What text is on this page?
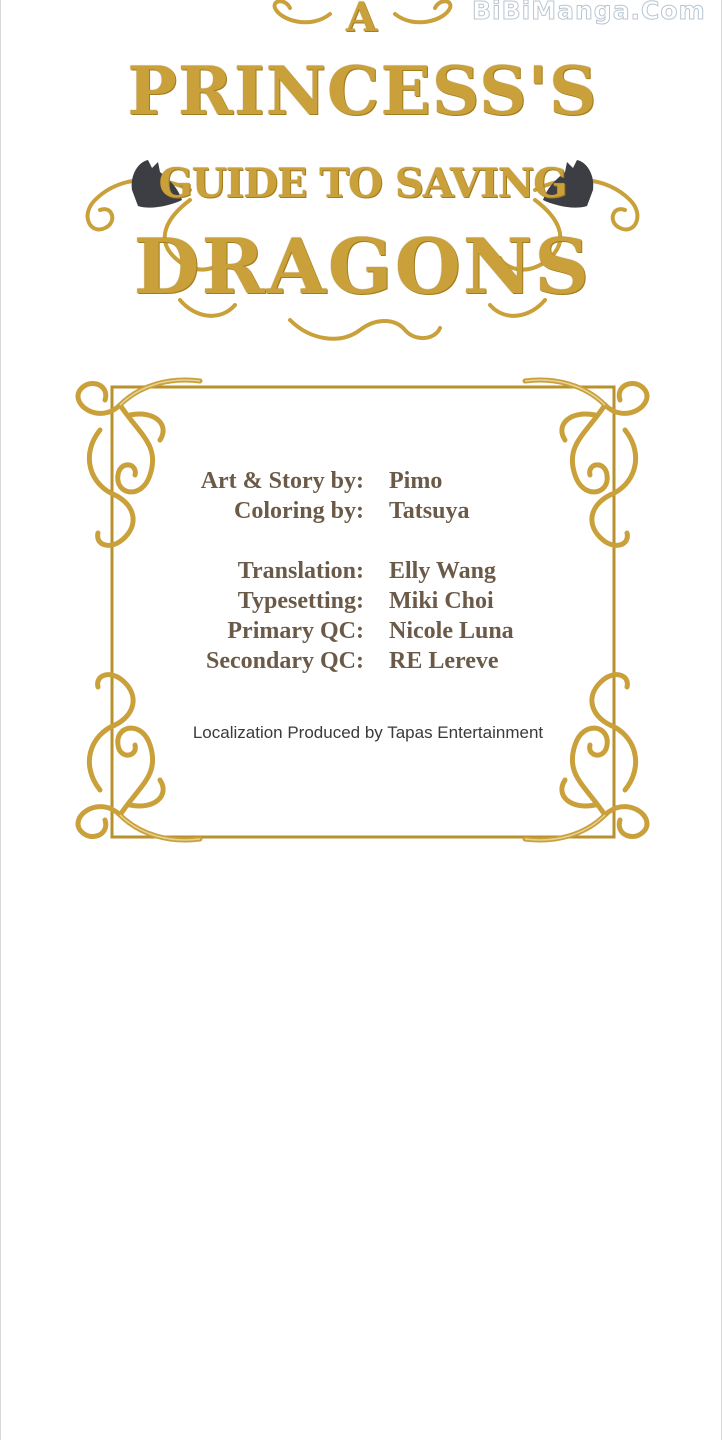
BiBiManga.Com
A
PRINCESS'S
GUIDE TO SAVING
DRAGONS
Art & Story by: Pimo
Coloring by: Tatsuya
Translation: Elly Wang
Typesetting: Miki Choi
Primary QC: Nicole Luna
Secondary QC: RE Lereve
Localization Produced by Tapas Entertainment
